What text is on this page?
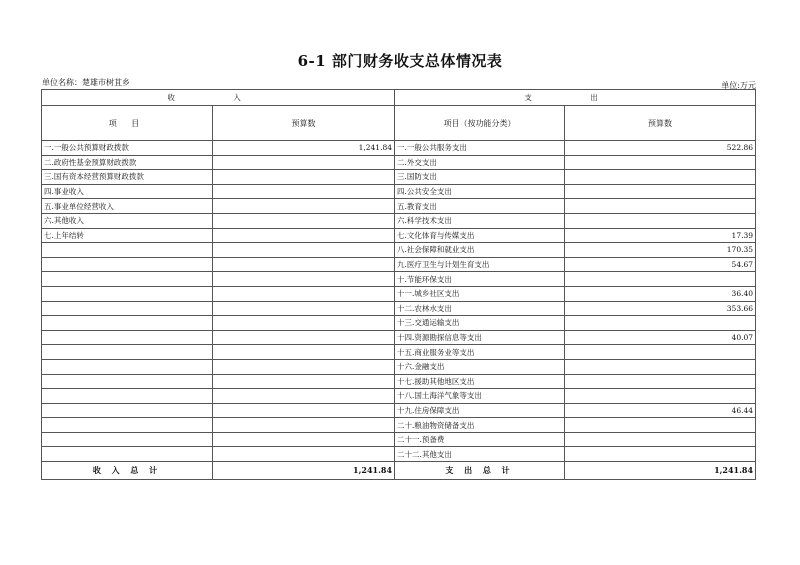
6-1 部门财务收支总体情况表
单位名称：楚雄市树苴乡	单位:万元
收 入		支 出	
项 目	预算数	项目（按功能分类）	预算数
一.一般公共预算财政拨款	1,241.84	一.一般公共服务支出	522.86
二.政府性基金预算财政拨款		二.外交支出	
三.国有资本经营预算财政拨款		三.国防支出	
四.事业收入		四.公共安全支出	
五.事业单位经营收入		五.教育支出	
六.其他收入		六.科学技术支出	
七.上年结转		七.文化体育与传媒支出	17.39
		八.社会保障和就业支出	170.35
		九.医疗卫生与计划生育支出	54.67
		十.节能环保支出	
		十一.城乡社区支出	36.40
		十二.农林水支出	353.66
		十三.交通运输支出	
		十四.资源勘探信息等支出	40.07
		十五.商业服务业等支出	
		十六.金融支出	
		十七.援助其他地区支出	
		十八.国土海洋气象等支出	
		十九.住房保障支出	46.44
		二十.粮油物资储备支出	
		二十一.预备费	
		二十二.其他支出	
收 入 总 计	1,241.84	支 出 总 计	1,241.84
